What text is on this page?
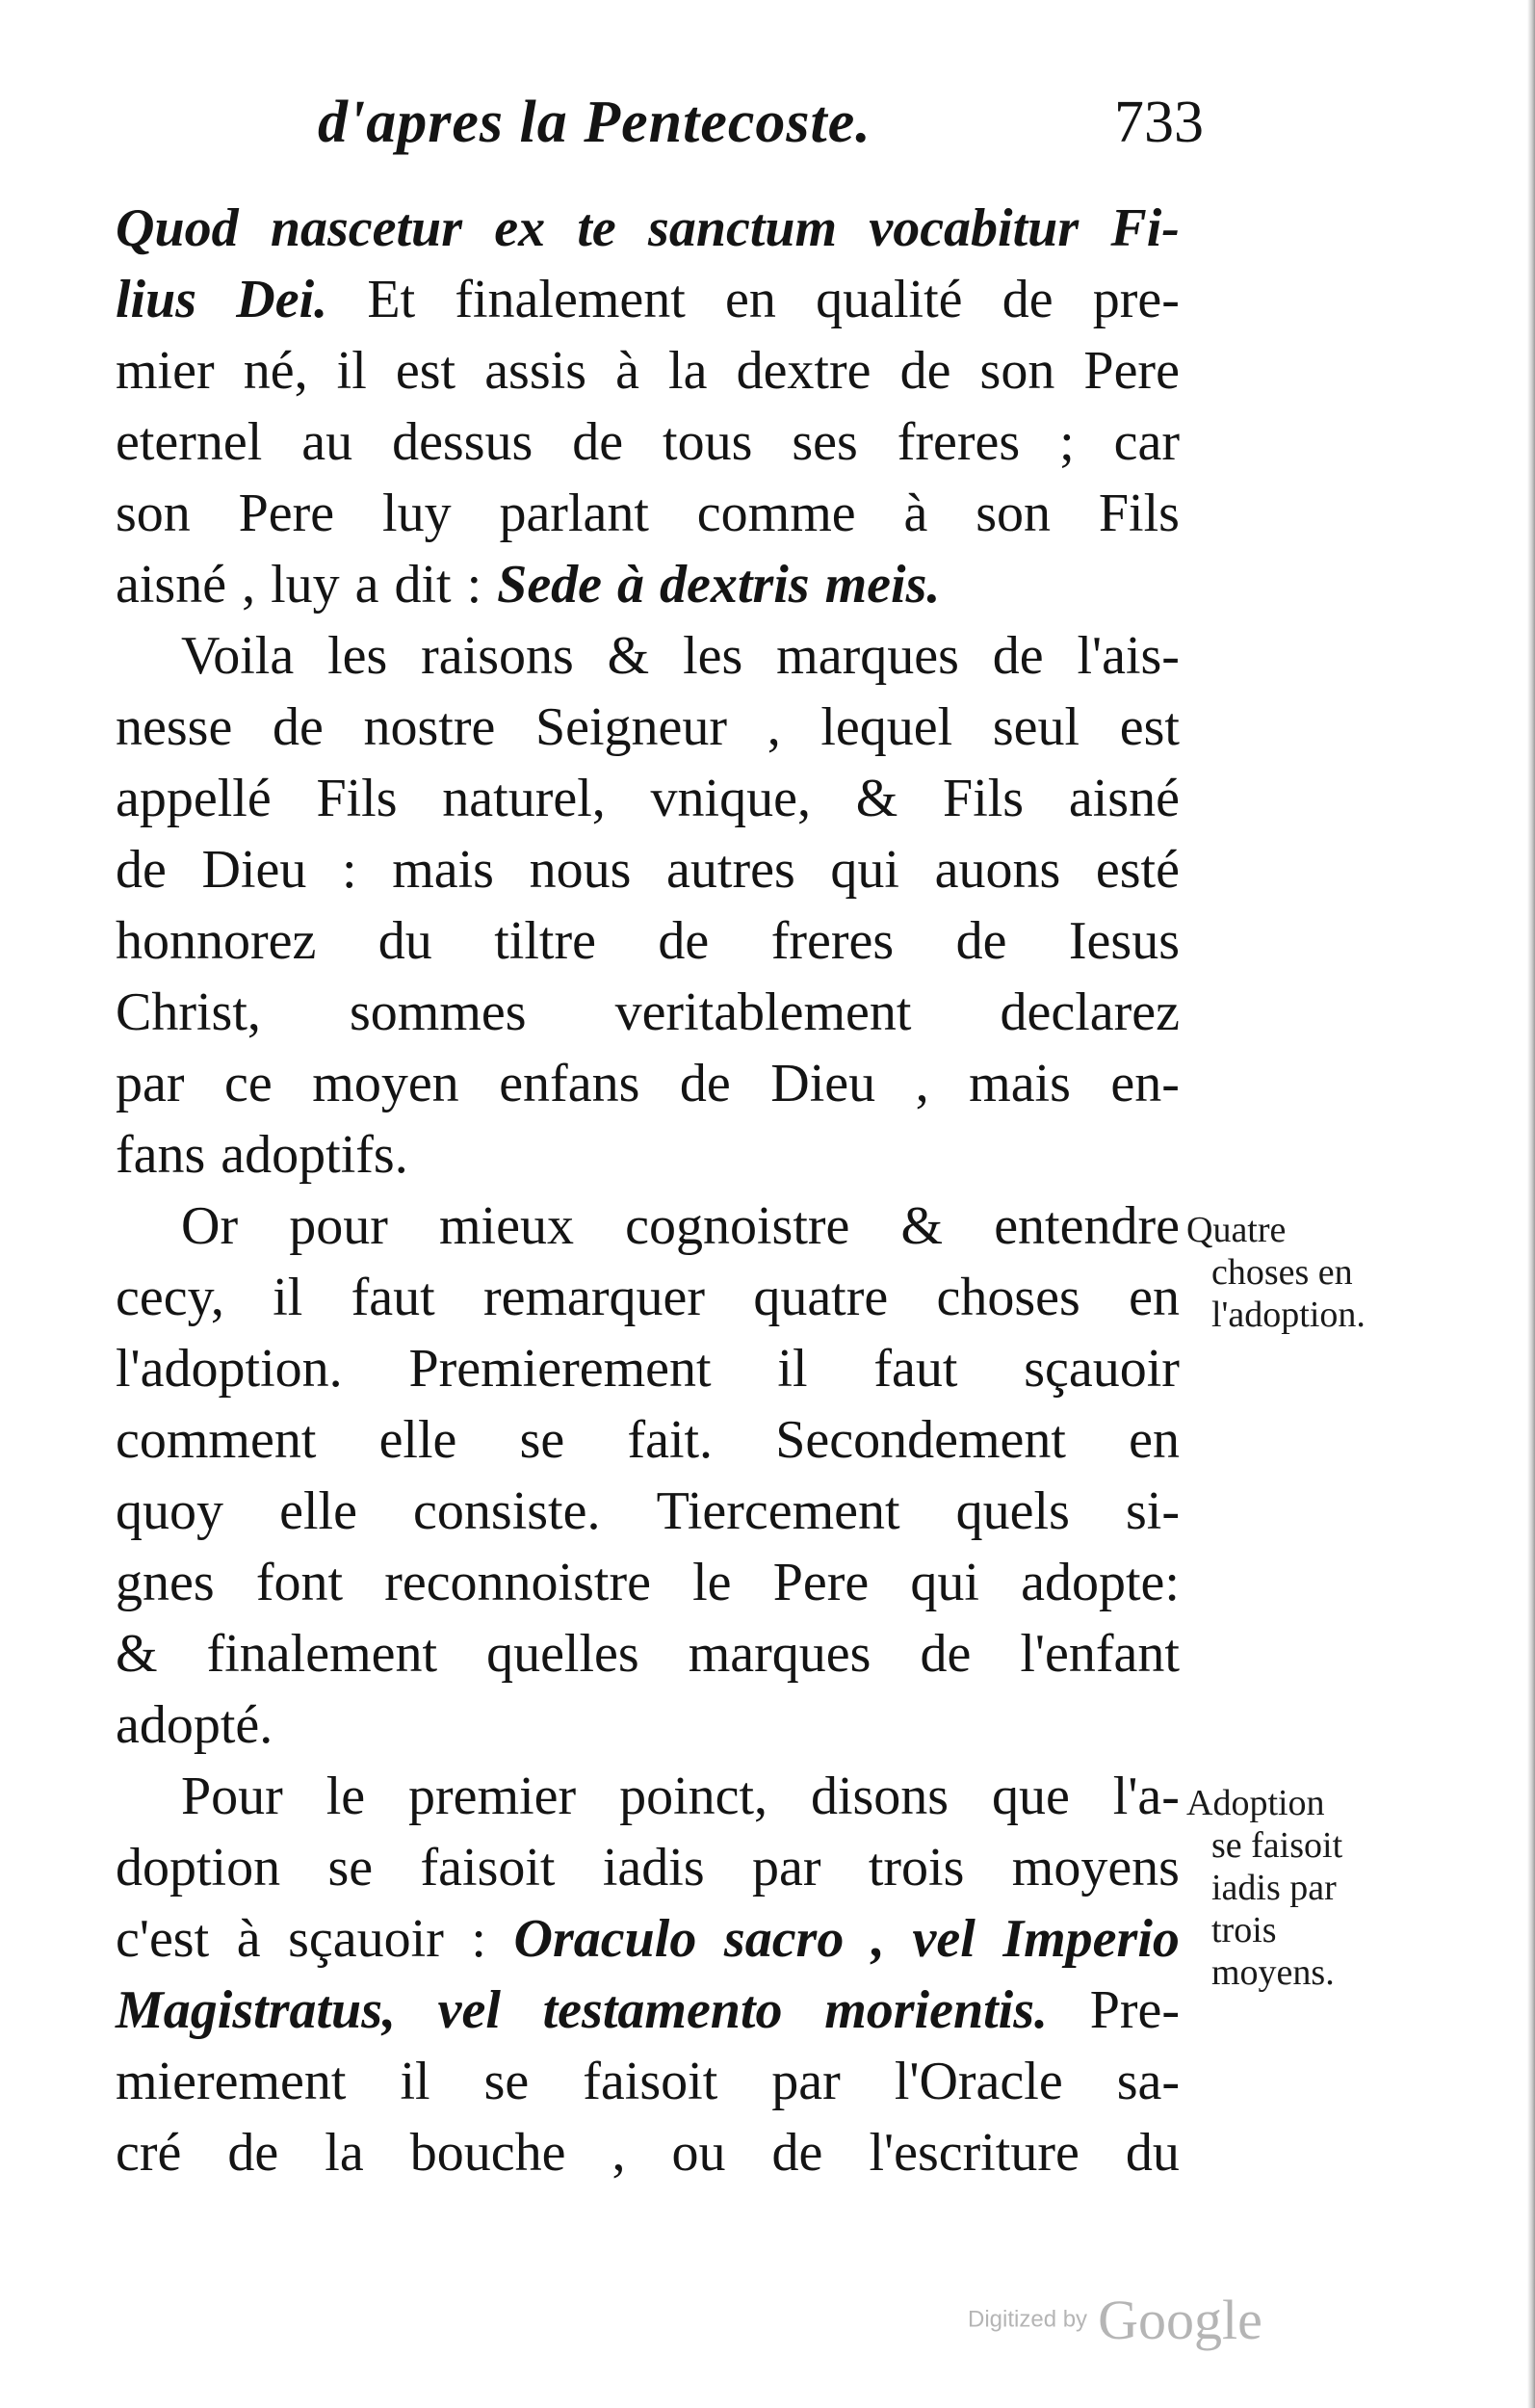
d'apres la Pentecoste.	733
Quod nascetur ex te sanctum vocabitur Fi-
lius Dei. Et finalement en qualité de pre-
mier né, il est assis à la dextre de son Pere
eternel au dessus de tous ses freres ; car
son Pere luy parlant comme à son Fils
aisné , luy a dit : Sede à dextris meis.
Voila les raisons & les marques de l'ais-
nesse de nostre Seigneur , lequel seul est
appellé Fils naturel, vnique, & Fils aisné
de Dieu : mais nous autres qui auons esté
honnorez du tiltre de freres de Iesus
Christ, sommes veritablement declarez
par ce moyen enfans de Dieu , mais en-
fans adoptifs.
Or pour mieux cognoistre & entendre
cecy, il faut remarquer quatre choses en
l'adoption. Premierement il faut sçauoir
comment elle se fait. Secondement en
quoy elle consiste. Tiercement quels si-
gnes font reconnoistre le Pere qui adopte:
& finalement quelles marques de l'enfant
adopté.
Pour le premier poinct, disons que l'a-
doption se faisoit iadis par trois moyens
c'est à sçauoir : Oraculo sacro , vel Imperio
Magistratus, vel testamento morientis. Pre-
mierement il se faisoit par l'Oracle sa-
cré de la bouche , ou de l'escriture du
Quatre
choses en
l'adoption.
Adoption
se faisoit
iadis par
trois
moyens.
Digitized by Google
